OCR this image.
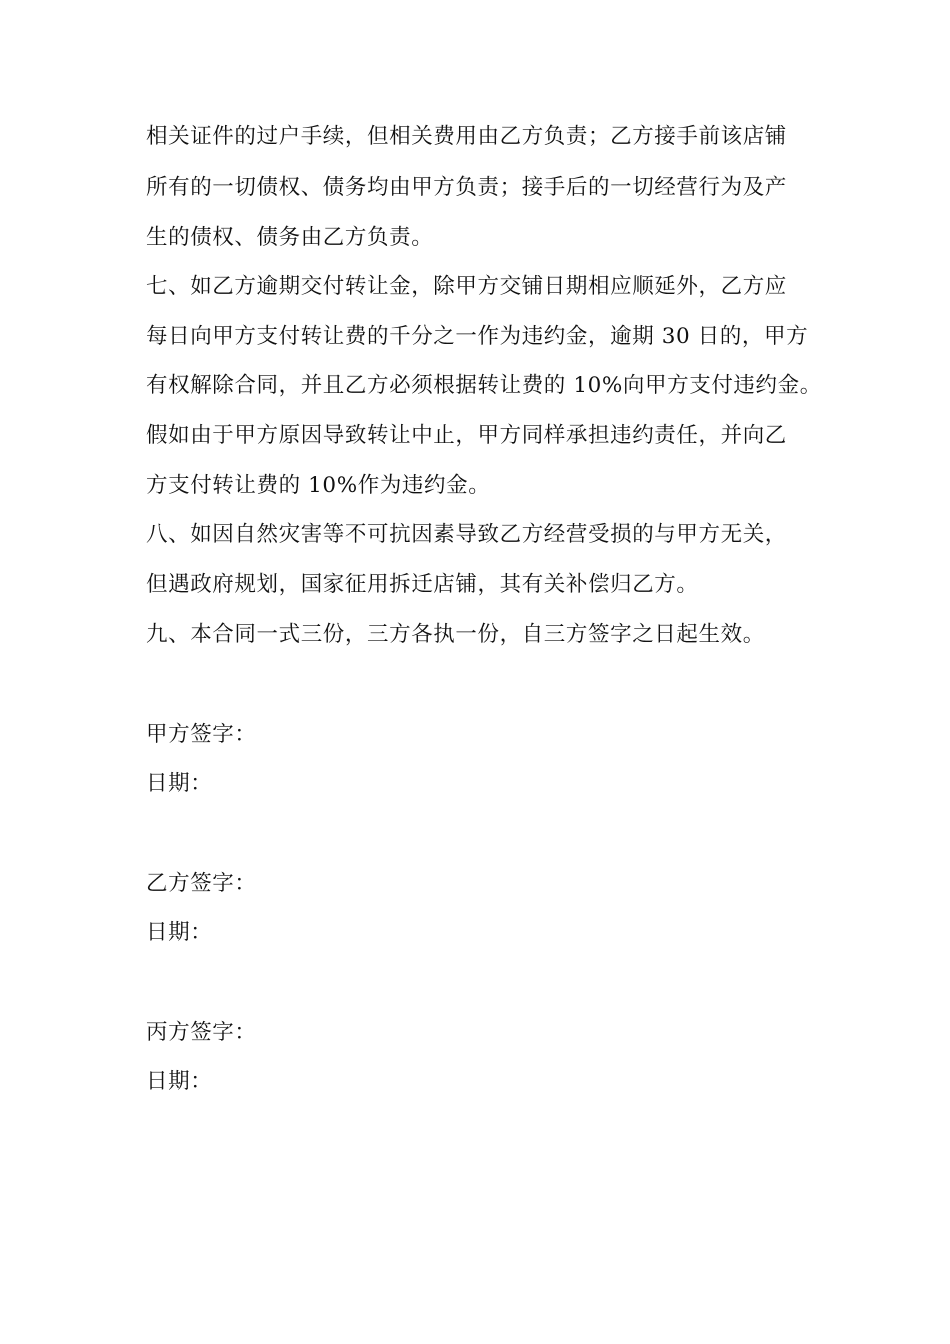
相关证件的过户手续，但相关费用由乙方负责；乙方接手前该店铺
所有的一切债权、债务均由甲方负责；接手后的一切经营行为及产
生的债权、债务由乙方负责。
七、如乙方逾期交付转让金，除甲方交铺日期相应顺延外，乙方应
每日向甲方支付转让费的千分之一作为违约金，逾期 30 日的，甲方
有权解除合同，并且乙方必须根据转让费的 10%向甲方支付违约金。
假如由于甲方原因导致转让中止，甲方同样承担违约责任，并向乙
方支付转让费的 10%作为违约金。
八、如因自然灾害等不可抗因素导致乙方经营受损的与甲方无关，
但遇政府规划，国家征用拆迁店铺，其有关补偿归乙方。
九、本合同一式三份，三方各执一份，自三方签字之日起生效。
甲方签字：
日期：
乙方签字：
日期：
丙方签字：
日期：
